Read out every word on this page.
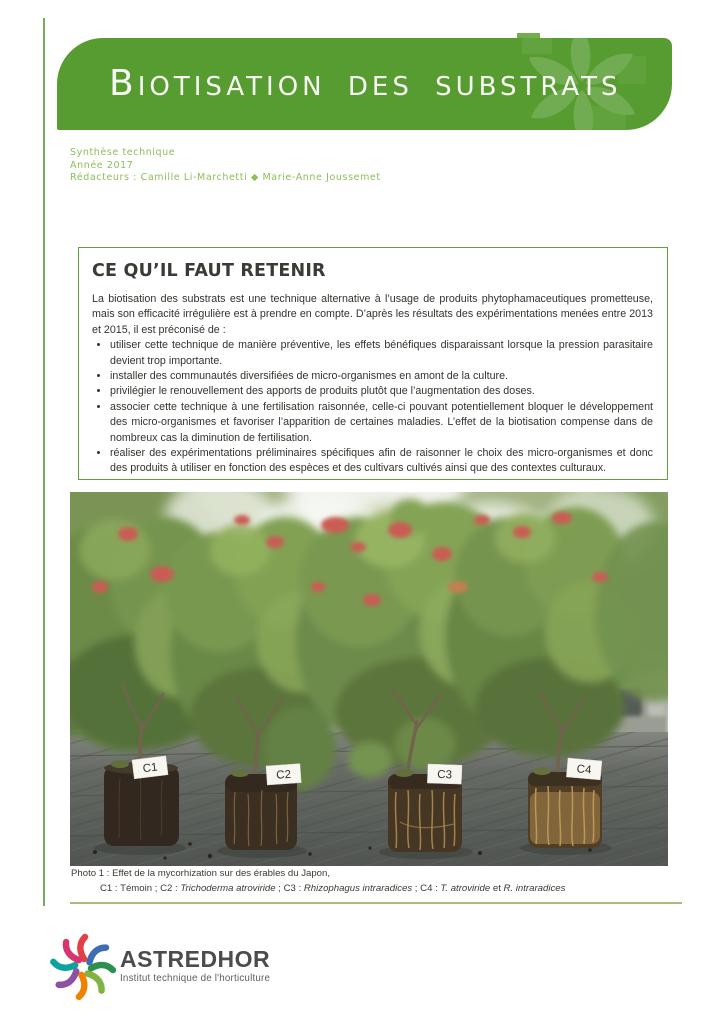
BIOTISATION DES SUBSTRATS
Synthèse technique
Année 2017
Rédacteurs : Camille Li-Marchetti ◆ Marie-Anne Joussemet
CE QU’IL FAUT RETENIR

La biotisation des substrats est une technique alternative à l’usage de produits phytophamaceutiques prometteuse, mais son efficacité irrégulière est à prendre en compte. D’après les résultats des expérimentations menées entre 2013 et 2015, il est préconisé de :

• utiliser cette technique de manière préventive, les effets bénéfiques disparaissant lorsque la pression parasitaire devient trop importante.
• installer des communautés diversifiées de micro-organismes en amont de la culture.
• privilégier le renouvellement des apports de produits plutôt que l’augmentation des doses.
• associer cette technique à une fertilisation raisonnée, celle-ci pouvant potentiellement bloquer le développement des micro-organismes et favoriser l’apparition de certaines maladies. L’effet de la biotisation compense dans de nombreux cas la diminution de fertilisation.
• réaliser des expérimentations préliminaires spécifiques afin de raisonner le choix des micro-organismes et donc des produits à utiliser en fonction des espèces et des cultivars cultivés ainsi que des contextes culturaux.
C1
C2	C3	C4
Photo 1 : Effet de la mycorhization sur des érables du Japon,
C1 : Témoin ; C2 : Trichoderma atroviride ; C3 : Rhizophagus intraradices ; C4 : T. atroviride et R. intraradices
ASTREDHOR
Institut technique de l'horticulture
